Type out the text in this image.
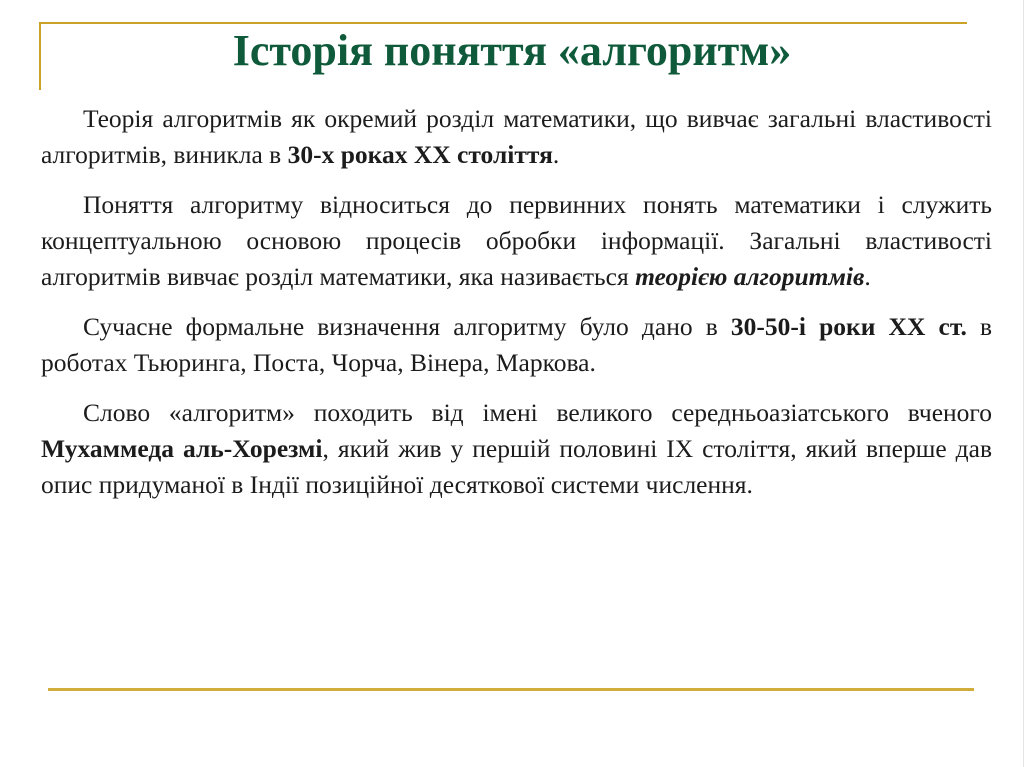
Історія поняття «алгоритм»

Теорія алгоритмів як окремий розділ математики, що вивчає загальні властивості алгоритмів, виникла в 30-х роках ХХ століття.

Поняття алгоритму відноситься до первинних понять математики і служить концептуальною основою процесів обробки інформації. Загальні властивості алгоритмів вивчає розділ математики, яка називається теорією алгоритмів.

Сучасне формальне визначення алгоритму було дано в 30-50-і роки ХХ ст. в роботах Тьюринга, Поста, Чорча, Вінера, Маркова.

Слово «алгоритм» походить від імені великого середньоазіатського вченого Мухаммеда аль-Хорезмі, який жив у першій половині IX століття, який вперше дав опис придуманої в Індії позиційної десяткової системи числення.
